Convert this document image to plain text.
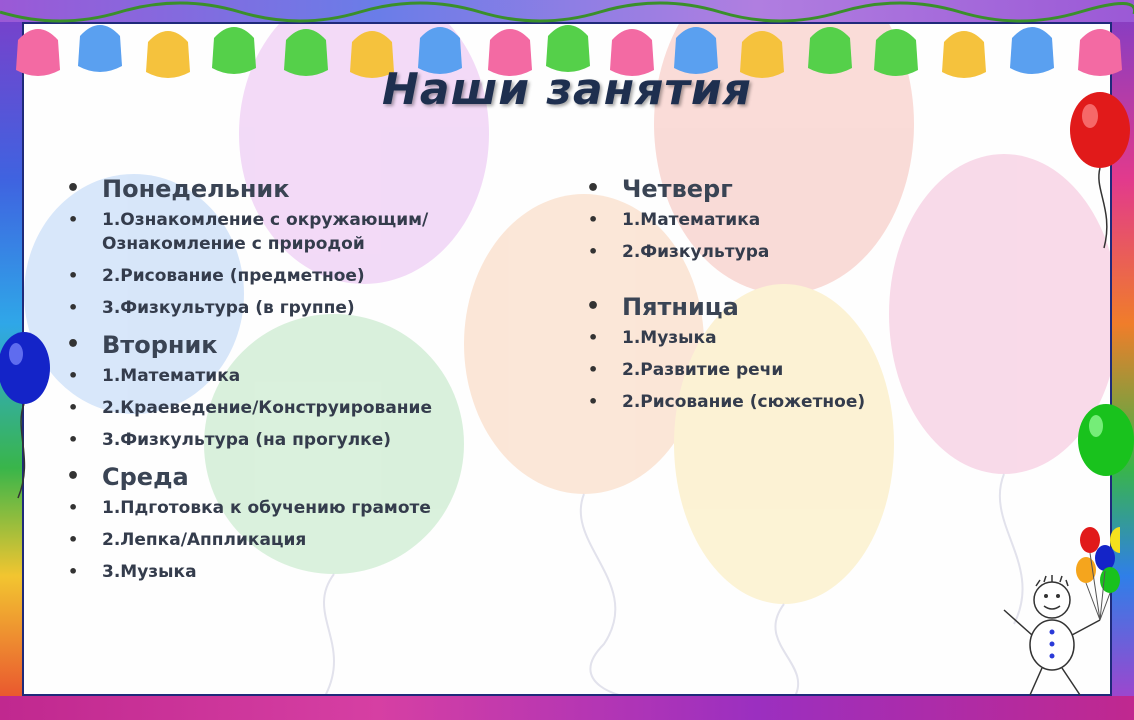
Наши занятия
• Понедельник
• 1.Ознакомление с окружающим/Ознакомление с природой
• 2.Рисование (предметное)
• 3.Физкультура (в группе)
• Вторник
• 1.Математика
• 2.Краеведение/Конструирование
• 3.Физкультура (на прогулке)
• Среда
• 1.Пдготовка к обучению грамоте
• 2.Лепка/Аппликация
• 3.Музыка
• Четверг
• 1.Математика
• 2.Физкультура
• Пятница
• 1.Музыка
• 2.Развитие речи
• 2.Рисование (сюжетное)
